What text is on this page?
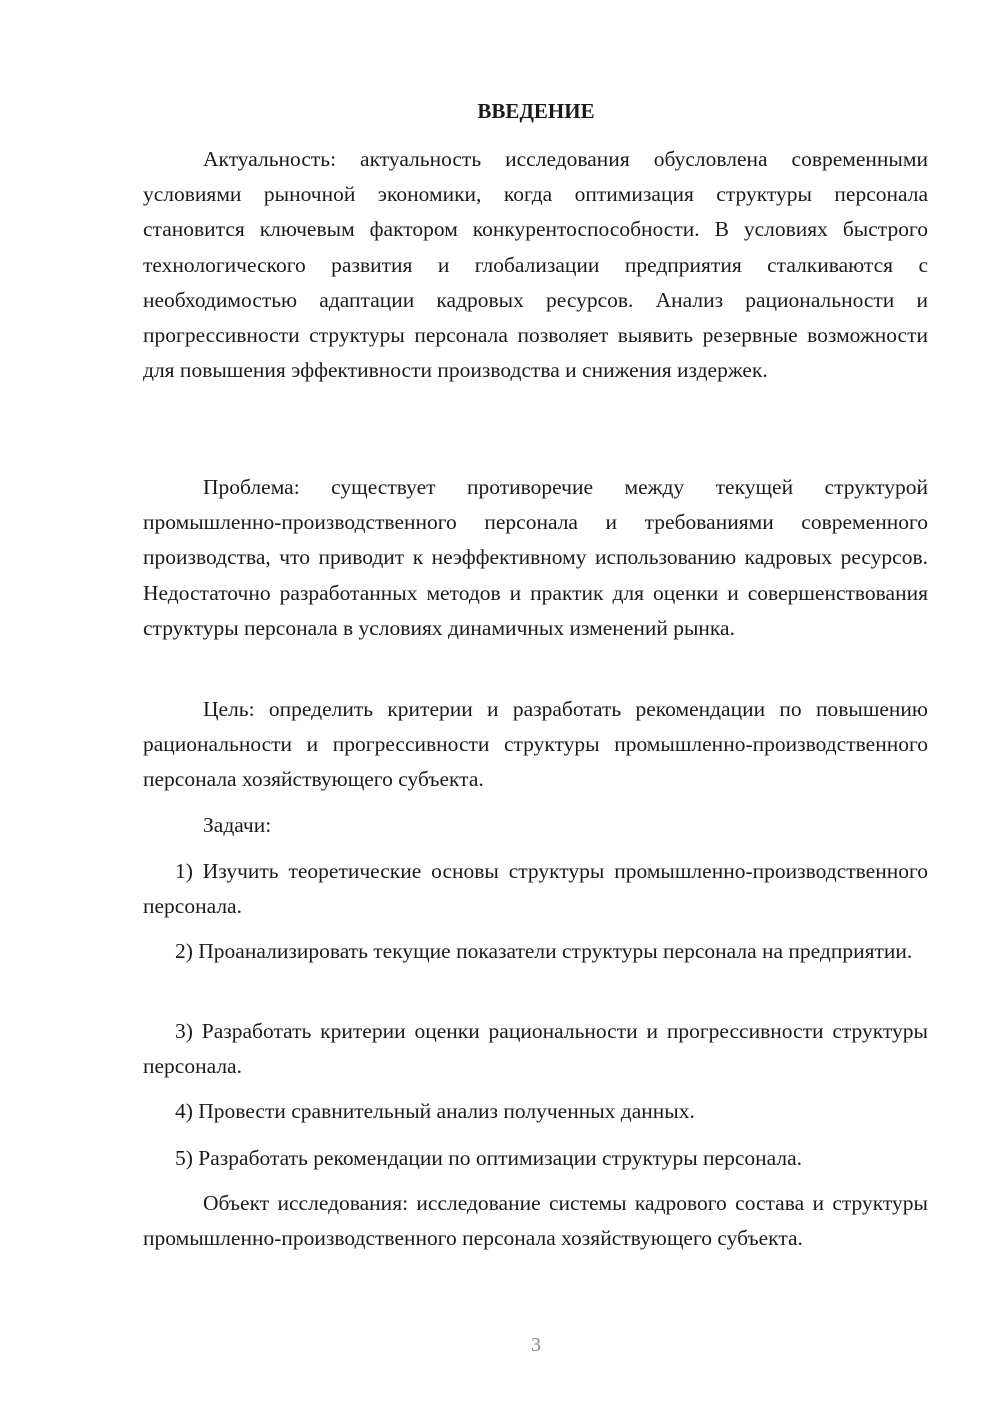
ВВЕДЕНИЕ
Актуальность: актуальность исследования обусловлена современными условиями рыночной экономики, когда оптимизация структуры персонала становится ключевым фактором конкурентоспособности. В условиях быстрого технологического развития и глобализации предприятия сталкиваются с необходимостью адаптации кадровых ресурсов. Анализ рациональности и прогрессивности структуры персонала позволяет выявить резервные возможности для повышения эффективности производства и снижения издержек.
Проблема: существует противоречие между текущей структурой промышленно-производственного персонала и требованиями современного производства, что приводит к неэффективному использованию кадровых ресурсов. Недостаточно разработанных методов и практик для оценки и совершенствования структуры персонала в условиях динамичных изменений рынка.
Цель: определить критерии и разработать рекомендации по повышению рациональности и прогрессивности структуры промышленно-производственного персонала хозяйствующего субъекта.
Задачи:
1) Изучить теоретические основы структуры промышленно-производственного персонала.
2) Проанализировать текущие показатели структуры персонала на предприятии.
3) Разработать критерии оценки рациональности и прогрессивности структуры персонала.
4) Провести сравнительный анализ полученных данных.
5) Разработать рекомендации по оптимизации структуры персонала.
Объект исследования: исследование системы кадрового состава и структуры промышленно-производственного персонала хозяйствующего субъекта.
3
